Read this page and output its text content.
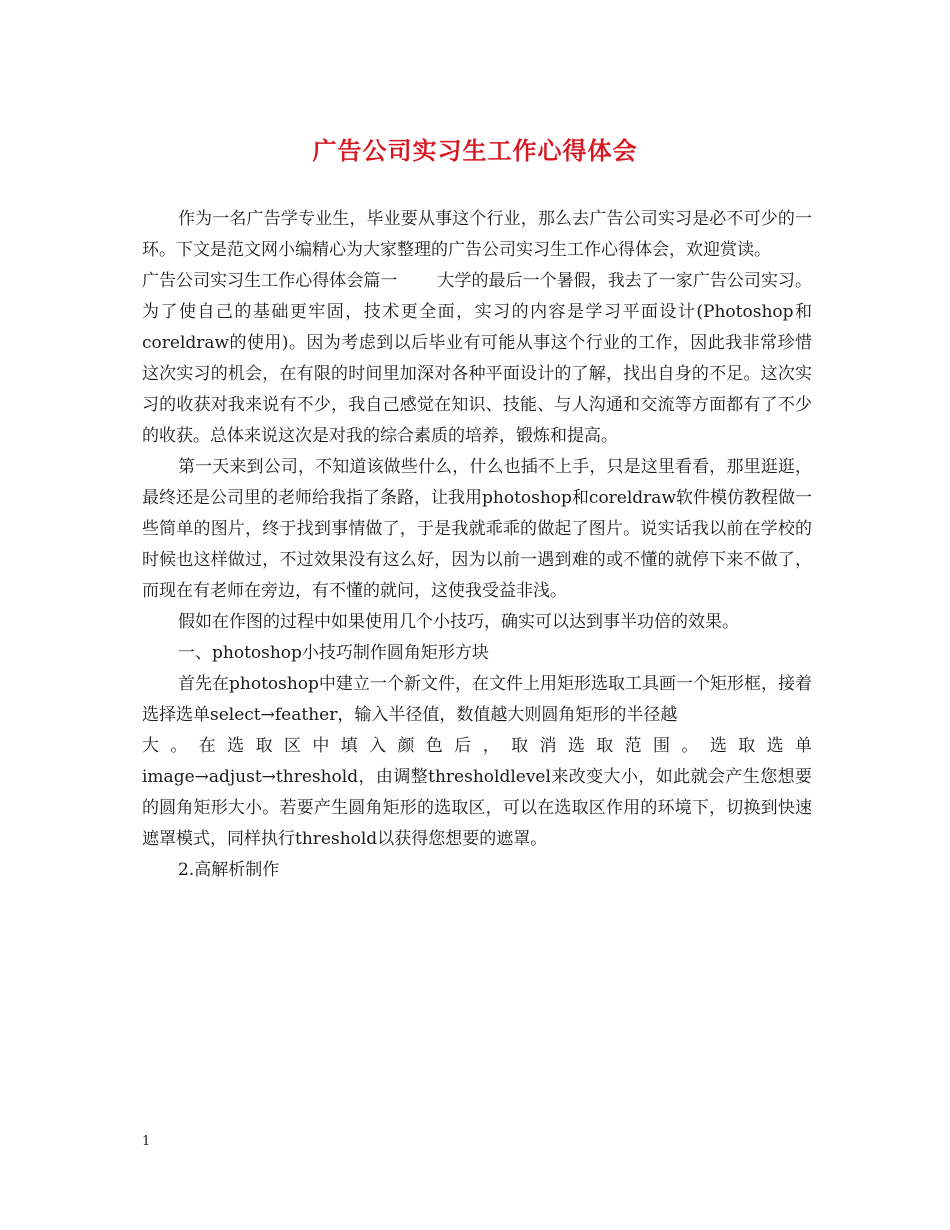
广告公司实习生工作心得体会

作为一名广告学专业生，毕业要从事这个行业，那么去广告公司实习是必不可少的一环。下文是范文网小编精心为大家整理的广告公司实习生工作心得体会，欢迎赏读。

广告公司实习生工作心得体会篇一 大学的最后一个暑假，我去了一家广告公司实习。为了使自己的基础更牢固，技术更全面，实习的内容是学习平面设计(Photoshop和coreldraw的使用)。因为考虑到以后毕业有可能从事这个行业的工作，因此我非常珍惜这次实习的机会，在有限的时间里加深对各种平面设计的了解，找出自身的不足。这次实习的收获对我来说有不少，我自己感觉在知识、技能、与人沟通和交流等方面都有了不少的收获。总体来说这次是对我的综合素质的培养，锻炼和提高。

第一天来到公司，不知道该做些什么，什么也插不上手，只是这里看看，那里逛逛，最终还是公司里的老师给我指了条路，让我用photoshop和coreldraw软件模仿教程做一些简单的图片，终于找到事情做了，于是我就乖乖的做起了图片。说实话我以前在学校的时候也这样做过，不过效果没有这么好，因为以前一遇到难的或不懂的就停下来不做了，而现在有老师在旁边，有不懂的就问，这使我受益非浅。

假如在作图的过程中如果使用几个小技巧，确实可以达到事半功倍的效果。

一、photoshop小技巧制作圆角矩形方块

首先在photoshop中建立一个新文件，在文件上用矩形选取工具画一个矩形框，接着选择选单select→feather，输入半径值，数值越大则圆角矩形的半径越

大。在选取区中填入颜色后，取消选取范围。选取选单

image→adjust→threshold，由调整thresholdlevel来改变大小，如此就会产生您想要的圆角矩形大小。若要产生圆角矩形的选取区，可以在选取区作用的环境下，切换到快速遮罩模式，同样执行threshold以获得您想要的遮罩。

2.高解析制作

1
